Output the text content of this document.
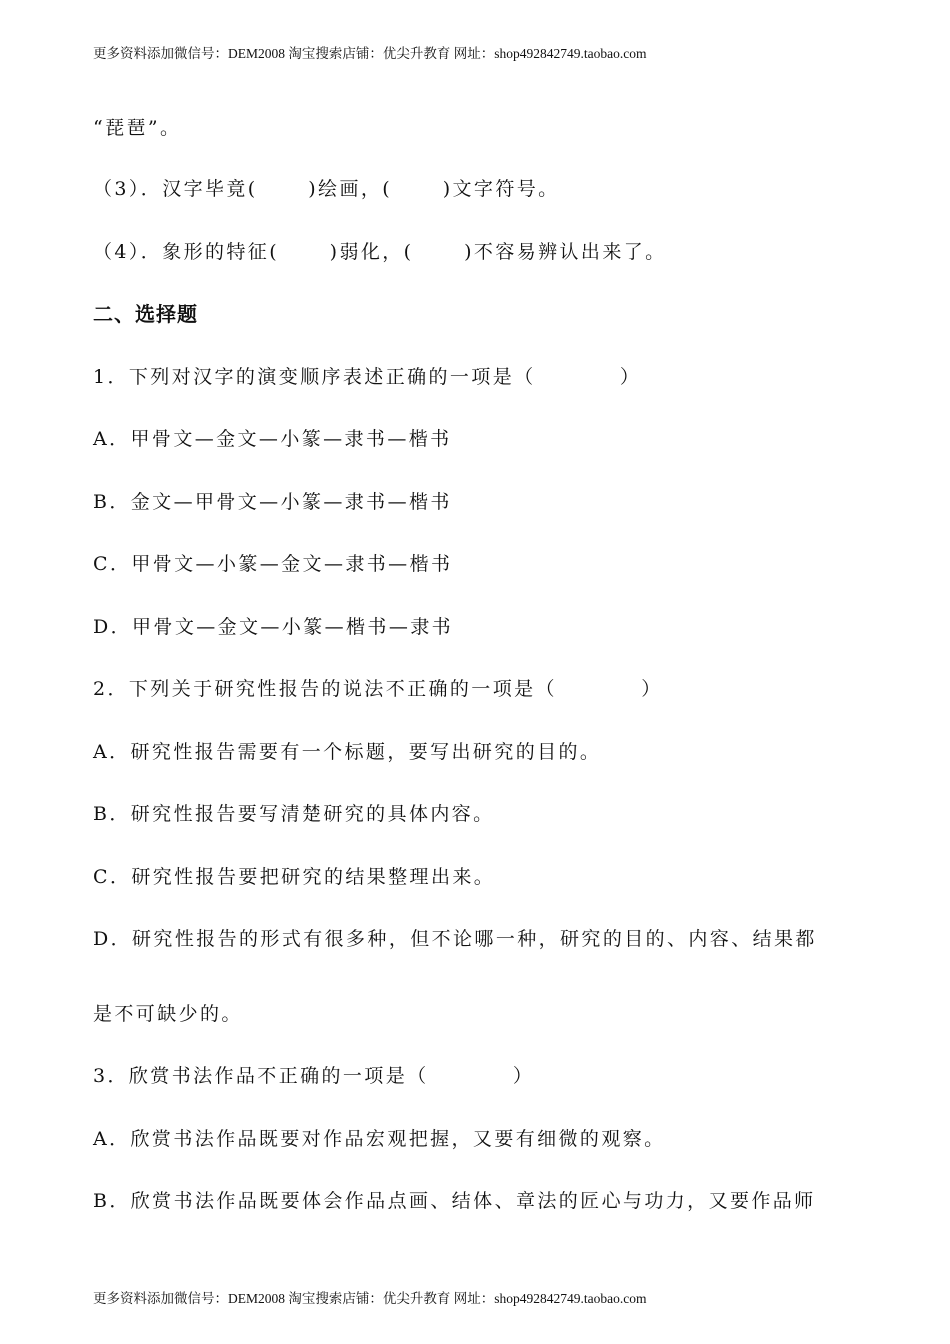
更多资料添加微信号：DEM2008 淘宝搜索店铺：优尖升教育 网址：shop492842749.taobao.com
“琵琶”。
（3）．汉字毕竟(      )绘画，(      )文字符号。
（4）．象形的特征(      )弱化，(      )不容易辨认出来了。
二、选择题
1．下列对汉字的演变顺序表述正确的一项是（          ）
A．甲骨文—金文—小篆—隶书—楷书
B．金文—甲骨文—小篆—隶书—楷书
C．甲骨文—小篆—金文—隶书—楷书
D．甲骨文—金文—小篆—楷书—隶书
2．下列关于研究性报告的说法不正确的一项是（          ）
A．研究性报告需要有一个标题，要写出研究的目的。
B．研究性报告要写清楚研究的具体内容。
C．研究性报告要把研究的结果整理出来。
D．研究性报告的形式有很多种，但不论哪一种，研究的目的、内容、结果都
是不可缺少的。
3．欣赏书法作品不正确的一项是（          ）
A．欣赏书法作品既要对作品宏观把握，又要有细微的观察。
B．欣赏书法作品既要体会作品点画、结体、章法的匠心与功力，又要作品师
更多资料添加微信号：DEM2008 淘宝搜索店铺：优尖升教育 网址：shop492842749.taobao.com
